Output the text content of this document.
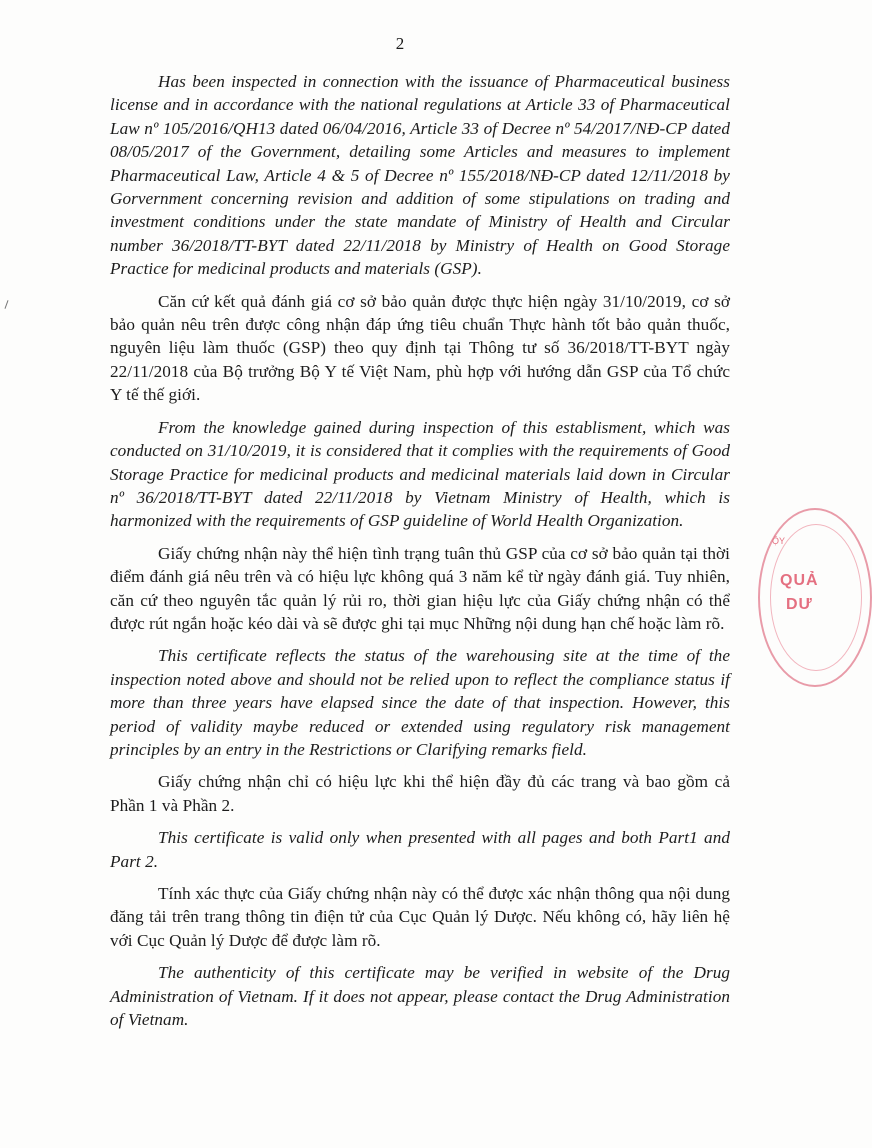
2

Has been inspected in connection with the issuance of Pharmaceutical business license and in accordance with the national regulations at Article 33 of Pharmaceutical Law nº 105/2016/QH13 dated 06/04/2016, Article 33 of Decree nº 54/2017/NĐ-CP dated 08/05/2017 of the Government, detailing some Articles and measures to implement Pharmaceutical Law, Article 4 & 5 of Decree nº 155/2018/NĐ-CP dated 12/11/2018 by Gorvernment concerning revision and addition of some stipulations on trading and investment conditions under the state mandate of Ministry of Health and Circular number 36/2018/TT-BYT dated 22/11/2018 by Ministry of Health on Good Storage Practice for medicinal products and materials (GSP).

Căn cứ kết quả đánh giá cơ sở bảo quản được thực hiện ngày 31/10/2019, cơ sở bảo quản nêu trên được công nhận đáp ứng tiêu chuẩn Thực hành tốt bảo quản thuốc, nguyên liệu làm thuốc (GSP) theo quy định tại Thông tư số 36/2018/TT-BYT ngày 22/11/2018 của Bộ trưởng Bộ Y tế Việt Nam, phù hợp với hướng dẫn GSP của Tổ chức Y tế thế giới.

From the knowledge gained during inspection of this establisment, which was conducted on 31/10/2019, it is considered that it complies with the requirements of Good Storage Practice for medicinal products and medicinal materials laid down in Circular nº 36/2018/TT-BYT dated 22/11/2018 by Vietnam Ministry of Health, which is harmonized with the requirements of GSP guideline of World Health Organization.

Giấy chứng nhận này thể hiện tình trạng tuân thủ GSP của cơ sở bảo quản tại thời điểm đánh giá nêu trên và có hiệu lực không quá 3 năm kể từ ngày đánh giá. Tuy nhiên, căn cứ theo nguyên tắc quản lý rủi ro, thời gian hiệu lực của Giấy chứng nhận có thể được rút ngắn hoặc kéo dài và sẽ được ghi tại mục Những nội dung hạn chế hoặc làm rõ.

This certificate reflects the status of the warehousing site at the time of the inspection noted above and should not be relied upon to reflect the compliance status if more than three years have elapsed since the date of that inspection. However, this period of validity maybe reduced or extended using regulatory risk management principles by an entry in the Restrictions or Clarifying remarks field.

Giấy chứng nhận chỉ có hiệu lực khi thể hiện đầy đủ các trang và bao gồm cả Phần 1 và Phần 2.

This certificate is valid only when presented with all pages and both Part1 and Part 2.

Tính xác thực của Giấy chứng nhận này có thể được xác nhận thông qua nội dung đăng tải trên trang thông tin điện tử của Cục Quản lý Dược. Nếu không có, hãy liên hệ với Cục Quản lý Dược để được làm rõ.

The authenticity of this certificate may be verified in website of the Drug Administration of Vietnam. If it does not appear, please contact the Drug Administration of Vietnam.

ỘY
QUẢ
DƯ
